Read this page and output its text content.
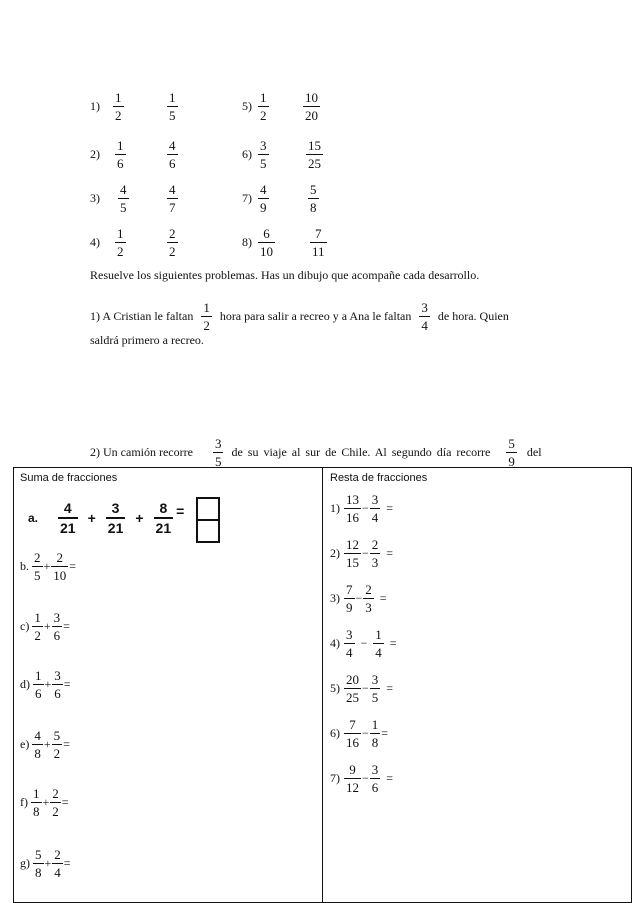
$1) \frac{1}{2}$	$\frac{1}{5}$
$2) \frac{1}{6}$	$\frac{4}{6}$
$3) \frac{4}{5}$	$\frac{4}{7}$
$4) \frac{1}{2}$	$\frac{2}{2}$
$5) \frac{1}{2}$	$\frac{10}{20}$
$6) \frac{3}{5}$	$\frac{15}{25}$
$7) \frac{4}{9}$	$\frac{5}{8}$
$8) \frac{6}{10}$	$\frac{7}{11}$
Resuelve los siguientes problemas. Has un dibujo que acompañe cada desarrollo.
1) A Cristian le faltan $\frac{1}{2}$ hora para salir a recreo y a Ana le faltan $\frac{3}{4}$ de hora. Quien
saldrá primero a recreo.
2) Un camión recorre $\frac{3}{5}$ de su viaje al sur de Chile. Al segundo día recorre $\frac{5}{9}$ del
Suma de fracciones
a. $\frac{4}{21} + \frac{3}{21} + \frac{8}{21}$ =
b. $\frac{2}{5} + \frac{2}{10}$ =
$c) \frac{1}{2} + \frac{3}{6}$ =
$d) \frac{1}{6} + \frac{3}{6}$ =
$e) \frac{4}{8} + \frac{5}{2}$ =
$f) \frac{1}{8} + \frac{2}{2}$ =
$g) \frac{5}{8} + \frac{2}{4}$ =
Resta de fracciones
$1) \frac{13}{16} - \frac{3}{4}$ =
$2) \frac{12}{15} - \frac{2}{3}$ =
$3) \frac{7}{9} - \frac{2}{3}$ =
$4) \frac{3}{4} - \frac{1}{4}$ =
$5) \frac{20}{25} - \frac{3}{5}$ =
$6) \frac{7}{16} - \frac{1}{8}$ =
$7) \frac{9}{12} - \frac{3}{6}$ =
